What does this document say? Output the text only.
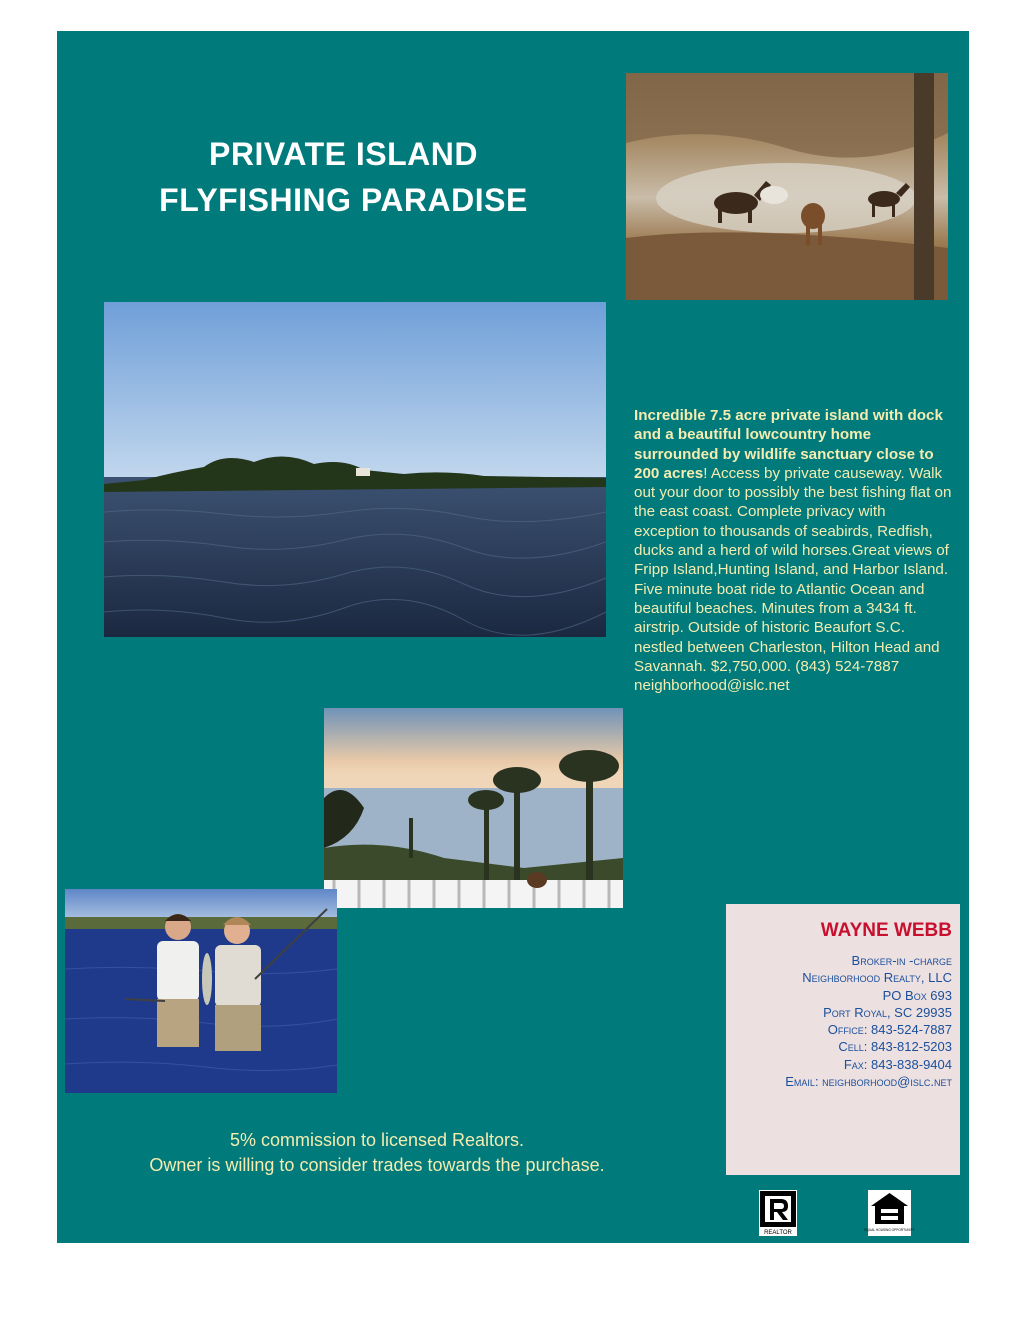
PRIVATE ISLAND
FLYFISHING PARADISE
Incredible 7.5 acre private island with dock and a beautiful lowcountry home surrounded by wildlife sanctuary close to 200 acres! Access by private causeway. Walk out your door to possibly the best fishing flat on the east coast. Complete privacy with exception to thousands of seabirds, Redfish, ducks and a herd of wild horses.Great views of Fripp Island,Hunting Island, and Harbor Island. Five minute boat ride to Atlantic Ocean and beautiful beaches. Minutes from a 3434 ft. airstrip. Outside of historic Beaufort S.C. nestled between Charleston, Hilton Head and Savannah. $2,750,000. (843) 524-7887 neighborhood@islc.net
WAYNE WEBB
Broker-in -charge
Neighborhood Realty, LLC
PO Box 693
Port Royal, SC 29935
Office: 843-524-7887
Cell: 843-812-5203
Fax: 843-838-9404
Email: neighborhood@islc.net
5% commission to licensed Realtors.
Owner is willing to consider trades towards the purchase.
REALTOR	EQUAL HOUSING OPPORTUNITY
